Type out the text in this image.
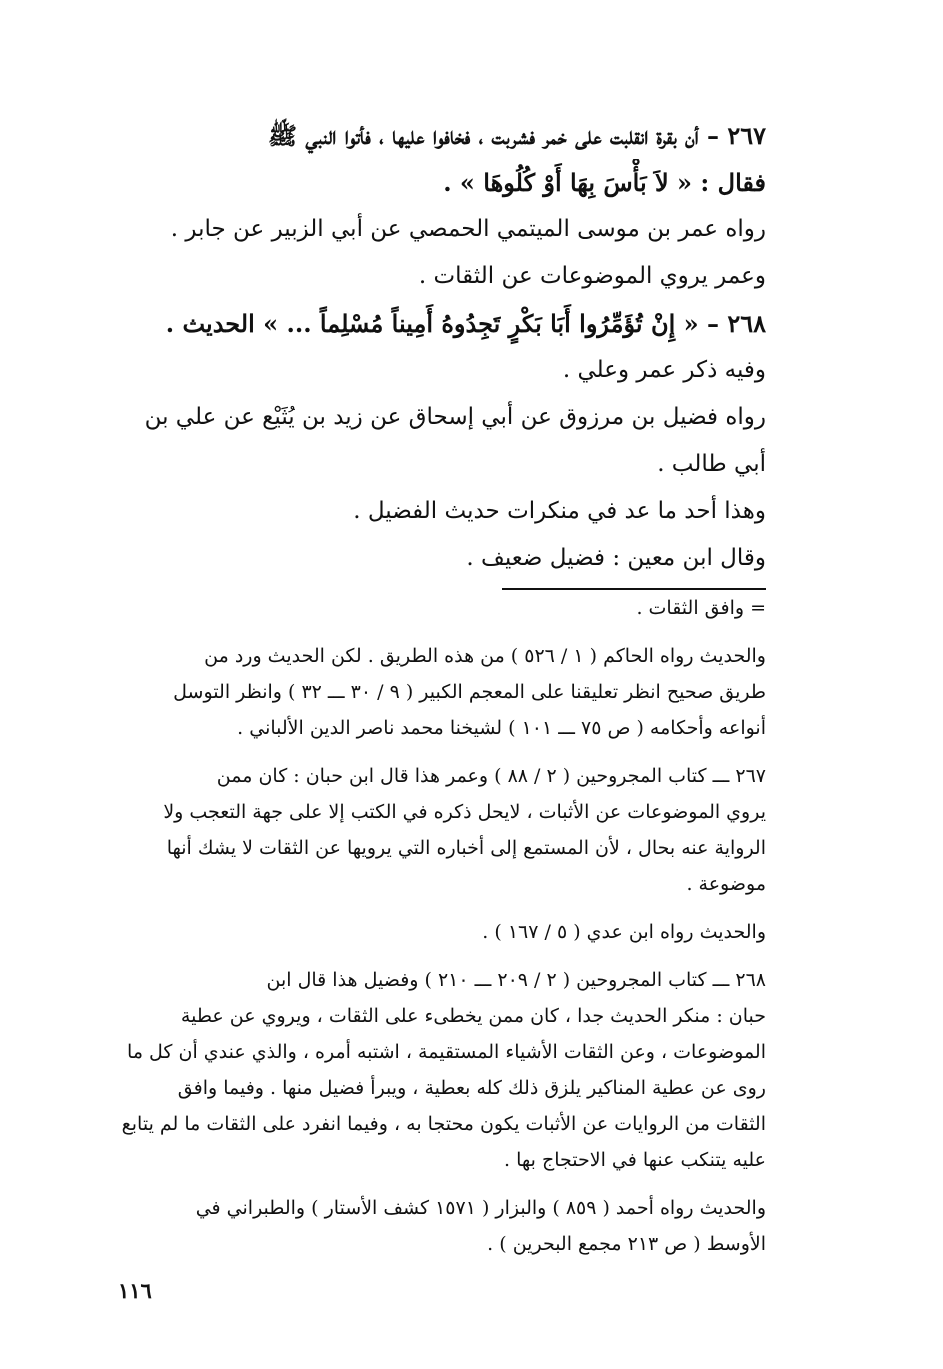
٢٦٧ – أن بقرة انقلبت على خمر فشربت ، فخافوا عليها ، فأتوا النبي ﷺ
فقال : « لاَ بَأْسَ بِهَا أَوْ كُلُوهَا » .
رواه عمر بن موسى الميتمي الحمصي عن أبي الزبير عن جابر .
وعمر يروي الموضوعات عن الثقات .
٢٦٨ – « إِنْ تُؤَمِّرُوا أَبَا بَكْرٍ تَجِدُوهُ أَمِيناً مُسْلِماً ... » الحديث .
وفيه ذكر عمر وعلي .
رواه فضيل بن مرزوق عن أبي إسحاق عن زيد بن يُثَيْع عن علي بن
أبي طالب .
وهذا أحد ما عد في منكرات حديث الفضيل .
وقال ابن معين : فضيل ضعيف .
= وافق الثقات .
والحديث رواه الحاكم ( ١ / ٥٢٦ ) من هذه الطريق . لكن الحديث ورد من
طريق صحيح انظر تعليقنا على المعجم الكبير ( ٩ / ٣٠ ـــ ٣٢ ) وانظر التوسل
أنواعه وأحكامه ( ص ٧٥ ـــ ١٠١ ) لشيخنا محمد ناصر الدين الألباني .
٢٦٧ ـــ كتاب المجروحين ( ٢ / ٨٨ ) وعمر هذا قال ابن حبان : كان ممن
يروي الموضوعات عن الأثبات ، لايحل ذكره في الكتب إلا على جهة التعجب ولا
الرواية عنه بحال ، لأن المستمع إلى أخباره التي يرويها عن الثقات لا يشك أنها
موضوعة .
والحديث رواه ابن عدي ( ٥ / ١٦٧ ) .
٢٦٨ ـــ كتاب المجروحين ( ٢ / ٢٠٩ ـــ ٢١٠ ) وفضيل هذا قال ابن
حبان : منكر الحديث جدا ، كان ممن يخطىء على الثقات ، ويروي عن عطية
الموضوعات ، وعن الثقات الأشياء المستقيمة ، اشتبه أمره ، والذي عندي أن كل ما
روى عن عطية المناكير يلزق ذلك كله بعطية ، ويبرأ فضيل منها . وفيما وافق
الثقات من الروايات عن الأثبات يكون محتجا به ، وفيما انفرد على الثقات ما لم يتابع
عليه يتنكب عنها في الاحتجاج بها .
والحديث رواه أحمد ( ٨٥٩ ) والبزار ( ١٥٧١ كشف الأستار ) والطبراني في
الأوسط ( ص ٢١٣ مجمع البحرين ) .
١١٦
